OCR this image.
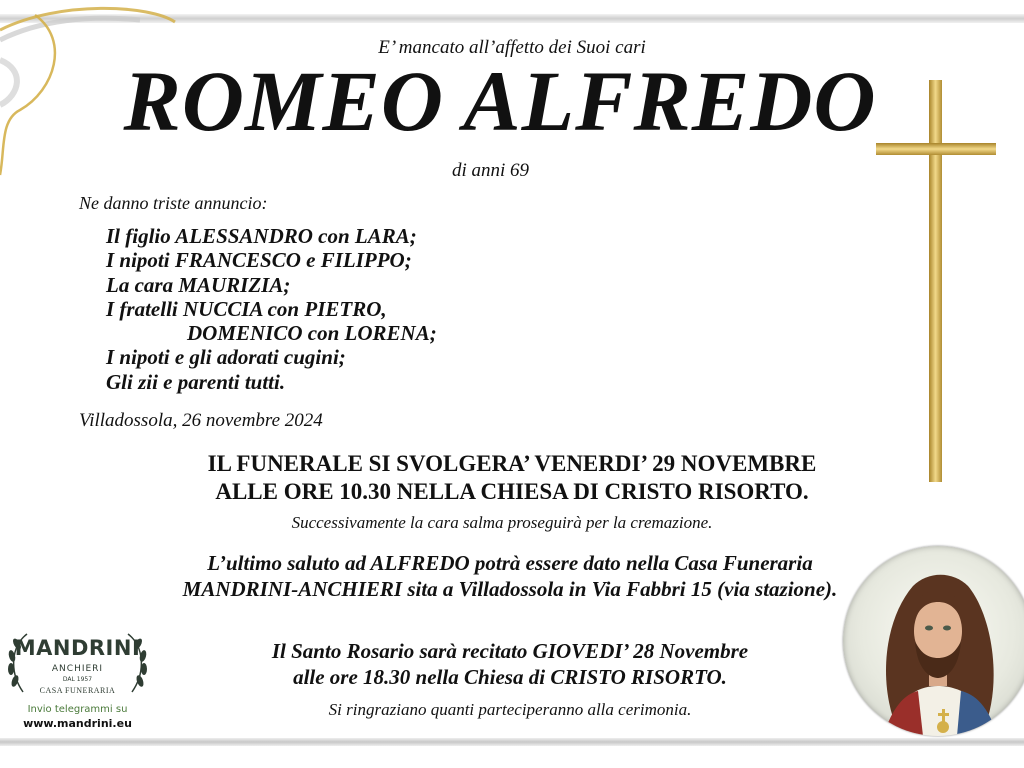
E’ mancato all’affetto dei Suoi cari
ROMEO ALFREDO
di anni 69
Ne danno triste annuncio:
Il figlio ALESSANDRO con LARA;
I nipoti FRANCESCO e FILIPPO;
La cara MAURIZIA;
I fratelli NUCCIA con PIETRO,
DOMENICO con LORENA;
I nipoti e gli adorati cugini;
Gli zii e parenti tutti.
Villadossola, 26 novembre 2024
IL FUNERALE SI SVOLGERA’ VENERDI’ 29 NOVEMBRE
ALLE ORE 10.30 NELLA CHIESA DI CRISTO RISORTO.
Successivamente la cara salma proseguirà per la cremazione.
L’ultimo saluto ad ALFREDO potrà essere dato nella Casa Funeraria
MANDRINI-ANCHIERI sita a Villadossola in Via Fabbri 15 (via stazione).
Il Santo Rosario sarà recitato GIOVEDI’ 28 Novembre
alle ore 18.30 nella Chiesa di CRISTO RISORTO.
Si ringraziano quanti parteciperanno alla cerimonia.
MANDRINI
ANCHIERI
DAL 1957
CASA FUNERARIA
Invio telegrammi su
www.mandrini.eu
